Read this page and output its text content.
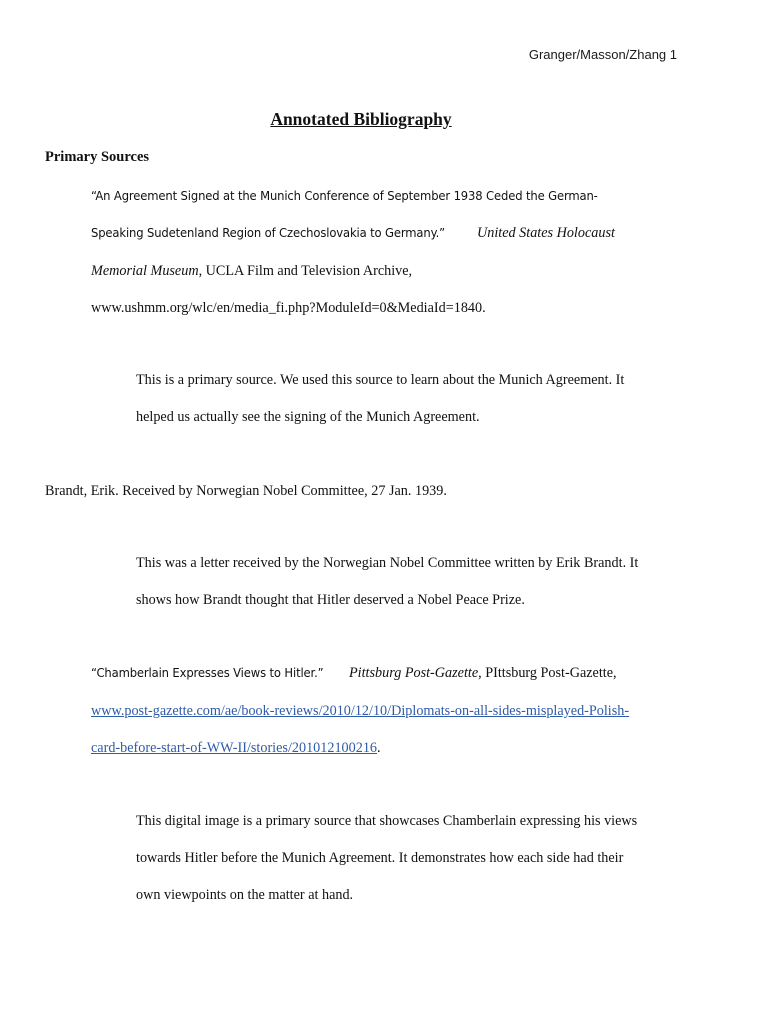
Granger/Masson/Zhang 1
Annotated Bibliography
Primary Sources
“An Agreement Signed at the Munich Conference of September 1938 Ceded the German-
Speaking Sudetenland Region of Czechoslovakia to Germany.”	United States Holocaust
Memorial Museum, UCLA Film and Television Archive,
www.ushmm.org/wlc/en/media_fi.php?ModuleId=0&MediaId=1840.
This is a primary source. We used this source to learn about the Munich Agreement. It
helped us actually see the signing of the Munich Agreement.
Brandt, Erik. Received by Norwegian Nobel Committee, 27 Jan. 1939.
This was a letter received by the Norwegian Nobel Committee written by Erik Brandt. It
shows how Brandt thought that Hitler deserved a Nobel Peace Prize.
“Chamberlain Expresses Views to Hitler.” Pittsburg Post-Gazette, PIttsburg Post-Gazette,
www.post-gazette.com/ae/book-reviews/2010/12/10/Diplomats-on-all-sides-misplayed-Polish-
card-before-start-of-WW-II/stories/201012100216.
This digital image is a primary source that showcases Chamberlain expressing his views
towards Hitler before the Munich Agreement. It demonstrates how each side had their
own viewpoints on the matter at hand.
